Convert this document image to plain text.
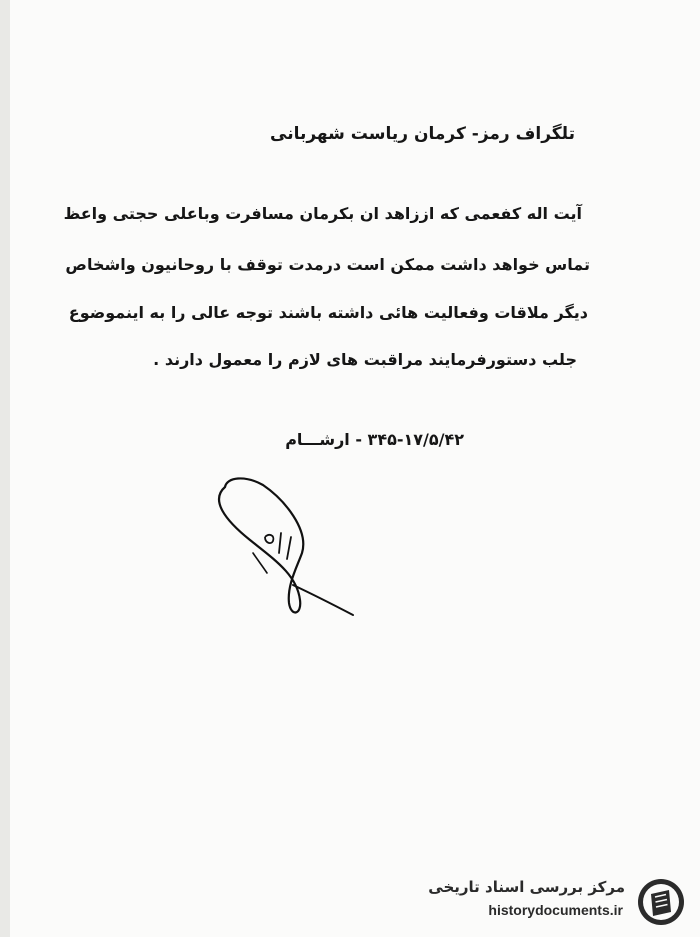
تلگراف رمز- کرمان ریاست شهربانی
آیت اله کفعمی که اززاهد ان بکرمان مسافرت وباعلی حجتی واعظ
تماس خواهد داشت ممکن است درمدت توقف با روحانیون واشخاص
دیگر ملاقات وفعالیت هائی داشته باشند توجه عالی را به اینموضوع
جلب دستورفرمایند مراقبت های لازم را معمول دارند .
۳۴۵-۱۷/۵/۴۲ - ارشـــام
مرکز بررسی اسناد تاریخی
historydocuments.ir
